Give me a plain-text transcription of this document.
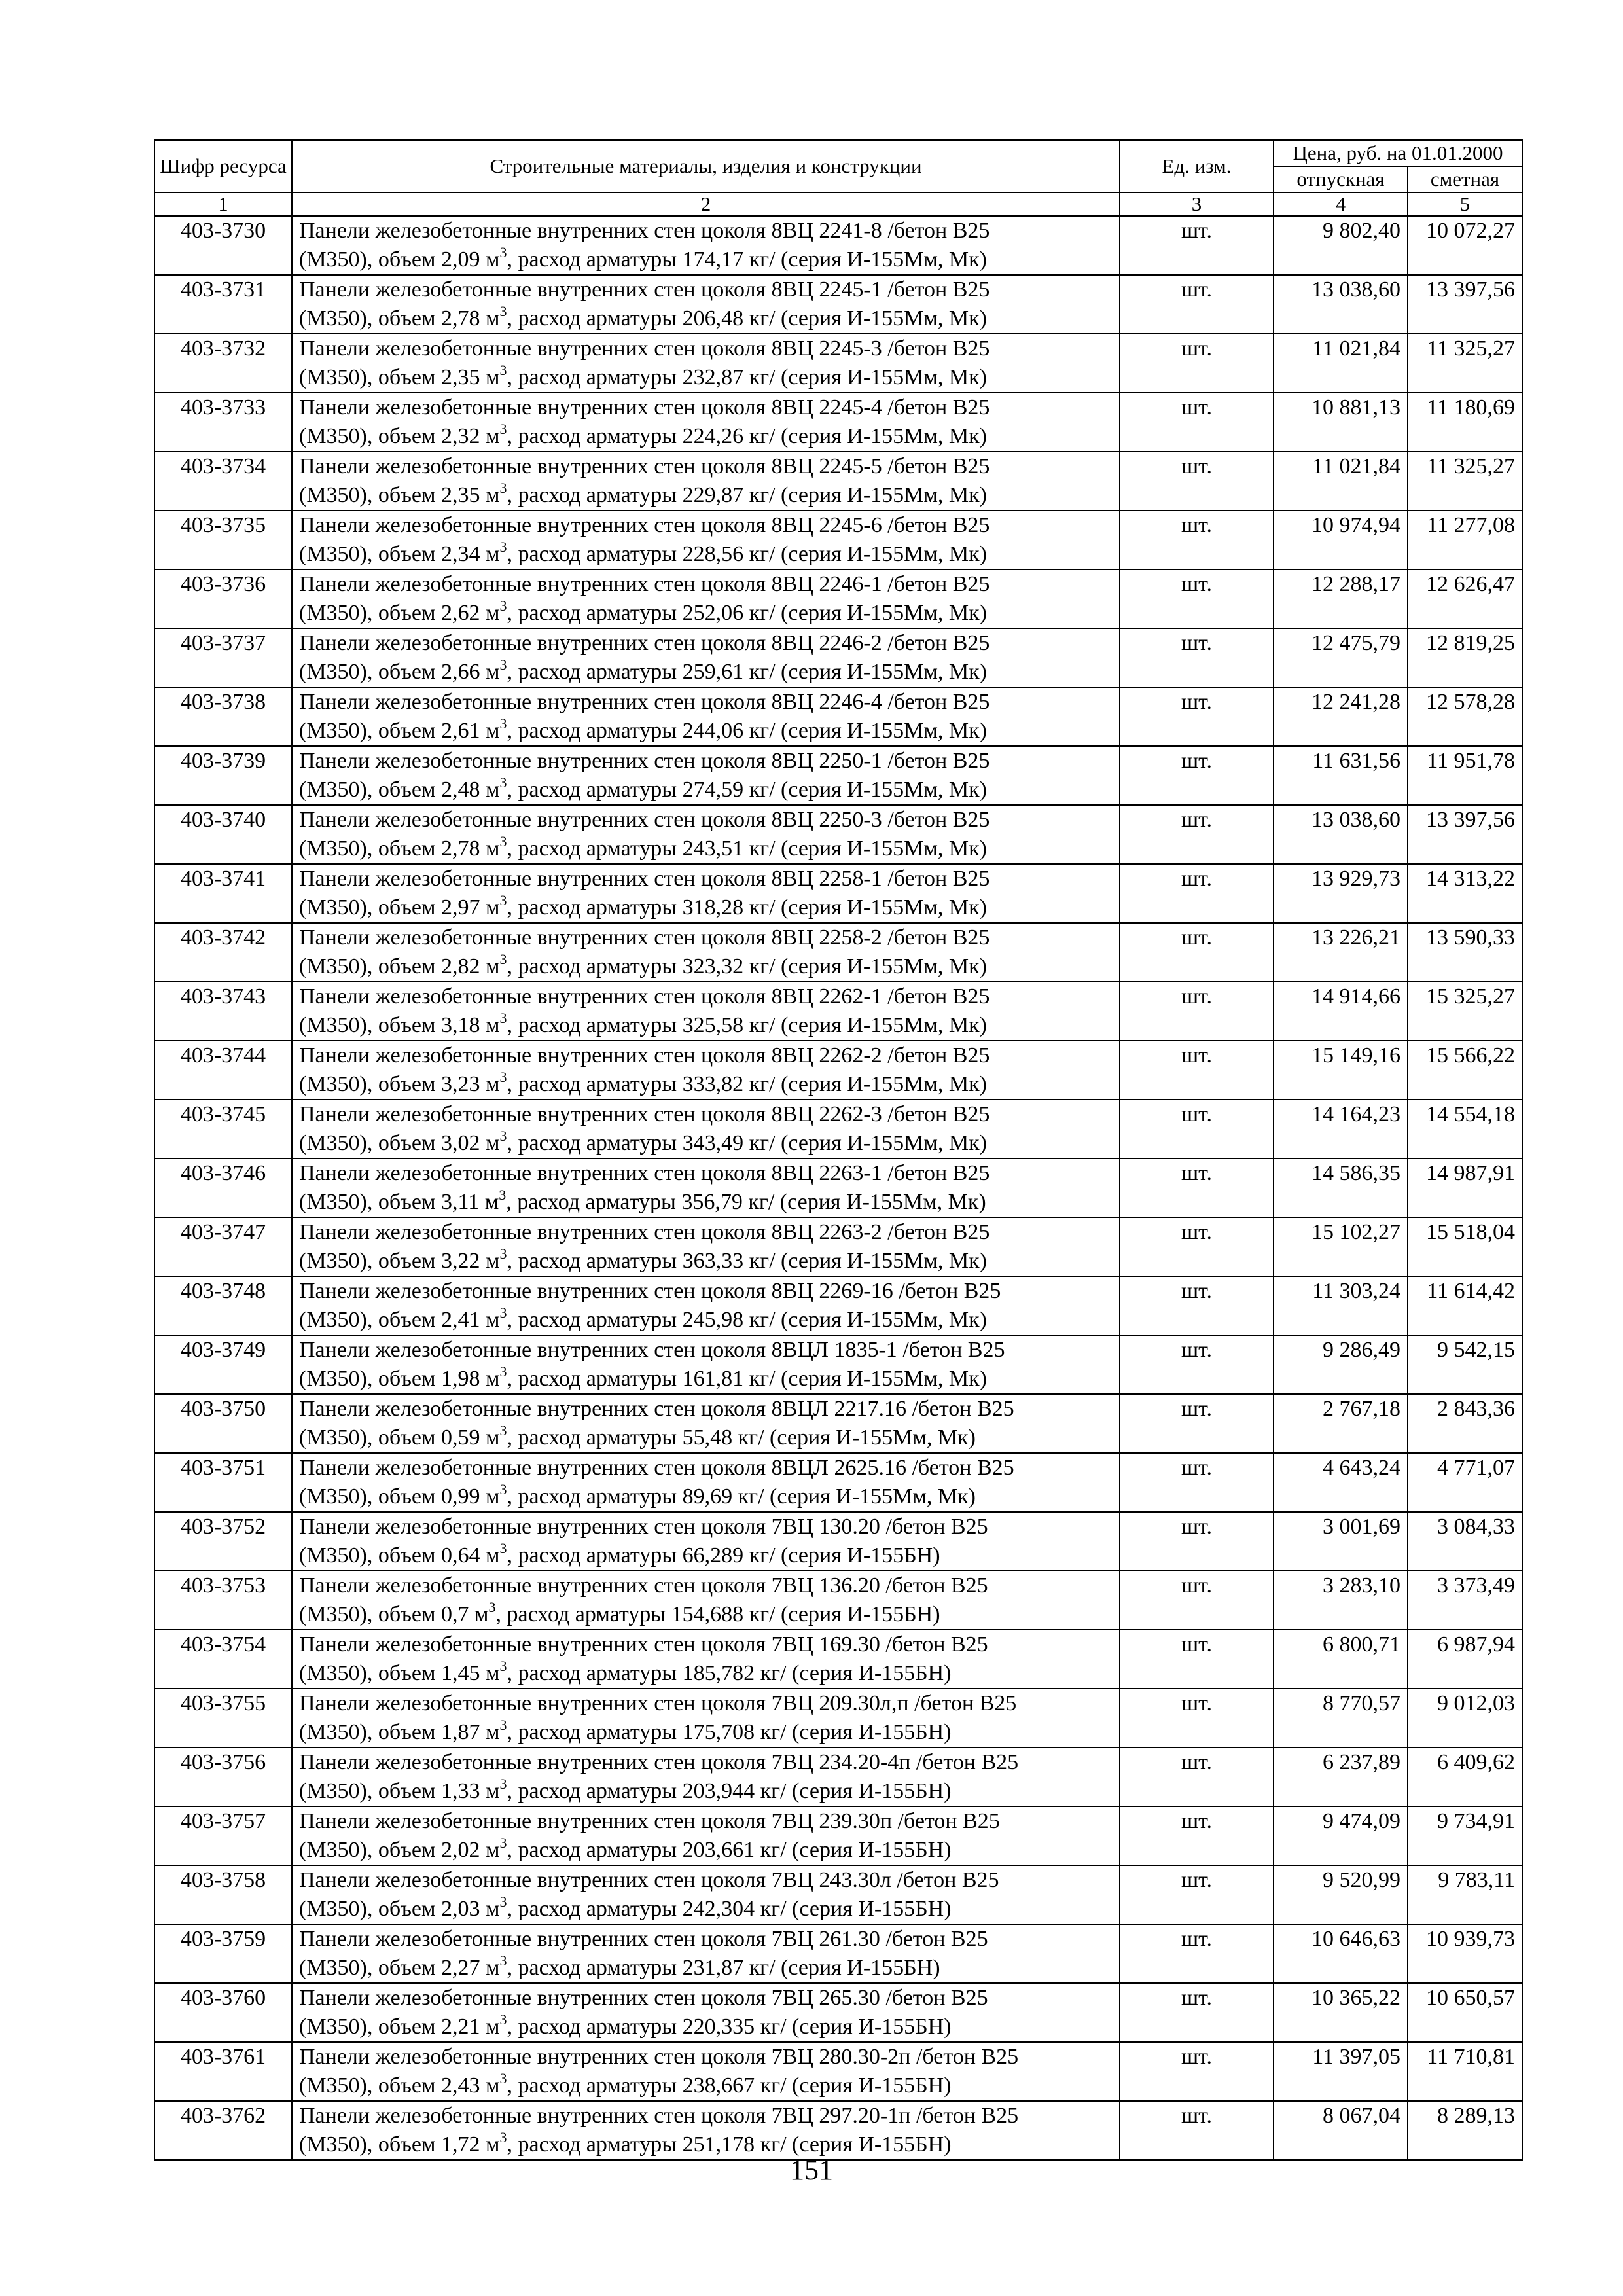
Шифр ресурса	Строительные материалы, изделия и конструкции	Ед. изм.	Цена, руб. на 01.01.2000	
			отпускная	сметная
1	2	3	4	5
403-3730	Панели железобетонные внутренних стен цоколя 8ВЦ 2241-8 /бетон В25
(М350), объем 2,09 $м^3$, расход арматуры 174,17 кг/ (серия И-155Мм, Мк)	шт.	9 802,40	10 072,27
403-3731	Панели железобетонные внутренних стен цоколя 8ВЦ 2245-1 /бетон В25
(М350), объем 2,78 $м^3$, расход арматуры 206,48 кг/ (серия И-155Мм, Мк)	шт.	13 038,60	13 397,56
403-3732	Панели железобетонные внутренних стен цоколя 8ВЦ 2245-3 /бетон В25
(М350), объем 2,35 $м^3$, расход арматуры 232,87 кг/ (серия И-155Мм, Мк)	шт.	11 021,84	11 325,27
403-3733	Панели железобетонные внутренних стен цоколя 8ВЦ 2245-4 /бетон В25
(М350), объем 2,32 $м^3$, расход арматуры 224,26 кг/ (серия И-155Мм, Мк)	шт.	10 881,13	11 180,69
403-3734	Панели железобетонные внутренних стен цоколя 8ВЦ 2245-5 /бетон В25
(М350), объем 2,35 $м^3$, расход арматуры 229,87 кг/ (серия И-155Мм, Мк)	шт.	11 021,84	11 325,27
403-3735	Панели железобетонные внутренних стен цоколя 8ВЦ 2245-6 /бетон В25
(М350), объем 2,34 $м^3$, расход арматуры 228,56 кг/ (серия И-155Мм, Мк)	шт.	10 974,94	11 277,08
403-3736	Панели железобетонные внутренних стен цоколя 8ВЦ 2246-1 /бетон В25
(М350), объем 2,62 $м^3$, расход арматуры 252,06 кг/ (серия И-155Мм, Мк)	шт.	12 288,17	12 626,47
403-3737	Панели железобетонные внутренних стен цоколя 8ВЦ 2246-2 /бетон В25
(М350), объем 2,66 $м^3$, расход арматуры 259,61 кг/ (серия И-155Мм, Мк)	шт.	12 475,79	12 819,25
403-3738	Панели железобетонные внутренних стен цоколя 8ВЦ 2246-4 /бетон В25
(М350), объем 2,61 $м^3$, расход арматуры 244,06 кг/ (серия И-155Мм, Мк)	шт.	12 241,28	12 578,28
403-3739	Панели железобетонные внутренних стен цоколя 8ВЦ 2250-1 /бетон В25
(М350), объем 2,48 $м^3$, расход арматуры 274,59 кг/ (серия И-155Мм, Мк)	шт.	11 631,56	11 951,78
403-3740	Панели железобетонные внутренних стен цоколя 8ВЦ 2250-3 /бетон В25
(М350), объем 2,78 $м^3$, расход арматуры 243,51 кг/ (серия И-155Мм, Мк)	шт.	13 038,60	13 397,56
403-3741	Панели железобетонные внутренних стен цоколя 8ВЦ 2258-1 /бетон В25
(М350), объем 2,97 $м^3$, расход арматуры 318,28 кг/ (серия И-155Мм, Мк)	шт.	13 929,73	14 313,22
403-3742	Панели железобетонные внутренних стен цоколя 8ВЦ 2258-2 /бетон В25
(М350), объем 2,82 $м^3$, расход арматуры 323,32 кг/ (серия И-155Мм, Мк)	шт.	13 226,21	13 590,33
403-3743	Панели железобетонные внутренних стен цоколя 8ВЦ 2262-1 /бетон В25
(М350), объем 3,18 $м^3$, расход арматуры 325,58 кг/ (серия И-155Мм, Мк)	шт.	14 914,66	15 325,27
403-3744	Панели железобетонные внутренних стен цоколя 8ВЦ 2262-2 /бетон В25
(М350), объем 3,23 $м^3$, расход арматуры 333,82 кг/ (серия И-155Мм, Мк)	шт.	15 149,16	15 566,22
403-3745	Панели железобетонные внутренних стен цоколя 8ВЦ 2262-3 /бетон В25
(М350), объем 3,02 $м^3$, расход арматуры 343,49 кг/ (серия И-155Мм, Мк)	шт.	14 164,23	14 554,18
403-3746	Панели железобетонные внутренних стен цоколя 8ВЦ 2263-1 /бетон В25
(М350), объем 3,11 $м^3$, расход арматуры 356,79 кг/ (серия И-155Мм, Мк)	шт.	14 586,35	14 987,91
403-3747	Панели железобетонные внутренних стен цоколя 8ВЦ 2263-2 /бетон В25
(М350), объем 3,22 $м^3$, расход арматуры 363,33 кг/ (серия И-155Мм, Мк)	шт.	15 102,27	15 518,04
403-3748	Панели железобетонные внутренних стен цоколя 8ВЦ 2269-16 /бетон В25
(М350), объем 2,41 $м^3$, расход арматуры 245,98 кг/ (серия И-155Мм, Мк)	шт.	11 303,24	11 614,42
403-3749	Панели железобетонные внутренних стен цоколя 8ВЦЛ 1835-1 /бетон В25
(М350), объем 1,98 $м^3$, расход арматуры 161,81 кг/ (серия И-155Мм, Мк)	шт.	9 286,49	9 542,15
403-3750	Панели железобетонные внутренних стен цоколя 8ВЦЛ 2217.16 /бетон В25
(М350), объем 0,59 $м^3$, расход арматуры 55,48 кг/ (серия И-155Мм, Мк)	шт.	2 767,18	2 843,36
403-3751	Панели железобетонные внутренних стен цоколя 8ВЦЛ 2625.16 /бетон В25
(М350), объем 0,99 $м^3$, расход арматуры 89,69 кг/ (серия И-155Мм, Мк)	шт.	4 643,24	4 771,07
403-3752	Панели железобетонные внутренних стен цоколя 7ВЦ 130.20 /бетон В25
(М350), объем 0,64 $м^3$, расход арматуры 66,289 кг/ (серия И-155БН)	шт.	3 001,69	3 084,33
403-3753	Панели железобетонные внутренних стен цоколя 7ВЦ 136.20 /бетон В25
(М350), объем 0,7 $м^3$, расход арматуры 154,688 кг/ (серия И-155БН)	шт.	3 283,10	3 373,49
403-3754	Панели железобетонные внутренних стен цоколя 7ВЦ 169.30 /бетон В25
(М350), объем 1,45 $м^3$, расход арматуры 185,782 кг/ (серия И-155БН)	шт.	6 800,71	6 987,94
403-3755	Панели железобетонные внутренних стен цоколя 7ВЦ 209.30л,п /бетон В25
(М350), объем 1,87 $м^3$, расход арматуры 175,708 кг/ (серия И-155БН)	шт.	8 770,57	9 012,03
403-3756	Панели железобетонные внутренних стен цоколя 7ВЦ 234.20-4п /бетон В25
(М350), объем 1,33 $м^3$, расход арматуры 203,944 кг/ (серия И-155БН)	шт.	6 237,89	6 409,62
403-3757	Панели железобетонные внутренних стен цоколя 7ВЦ 239.30п /бетон В25
(М350), объем 2,02 $м^3$, расход арматуры 203,661 кг/ (серия И-155БН)	шт.	9 474,09	9 734,91
403-3758	Панели железобетонные внутренних стен цоколя 7ВЦ 243.30л /бетон В25
(М350), объем 2,03 $м^3$, расход арматуры 242,304 кг/ (серия И-155БН)	шт.	9 520,99	9 783,11
403-3759	Панели железобетонные внутренних стен цоколя 7ВЦ 261.30 /бетон В25
(М350), объем 2,27 $м^3$, расход арматуры 231,87 кг/ (серия И-155БН)	шт.	10 646,63	10 939,73
403-3760	Панели железобетонные внутренних стен цоколя 7ВЦ 265.30 /бетон В25
(М350), объем 2,21 $м^3$, расход арматуры 220,335 кг/ (серия И-155БН)	шт.	10 365,22	10 650,57
403-3761	Панели железобетонные внутренних стен цоколя 7ВЦ 280.30-2п /бетон В25
(М350), объем 2,43 $м^3$, расход арматуры 238,667 кг/ (серия И-155БН)	шт.	11 397,05	11 710,81
403-3762	Панели железобетонные внутренних стен цоколя 7ВЦ 297.20-1п /бетон В25
(М350), объем 1,72 $м^3$, расход арматуры 251,178 кг/ (серия И-155БН)	шт.	8 067,04	8 289,13
151
